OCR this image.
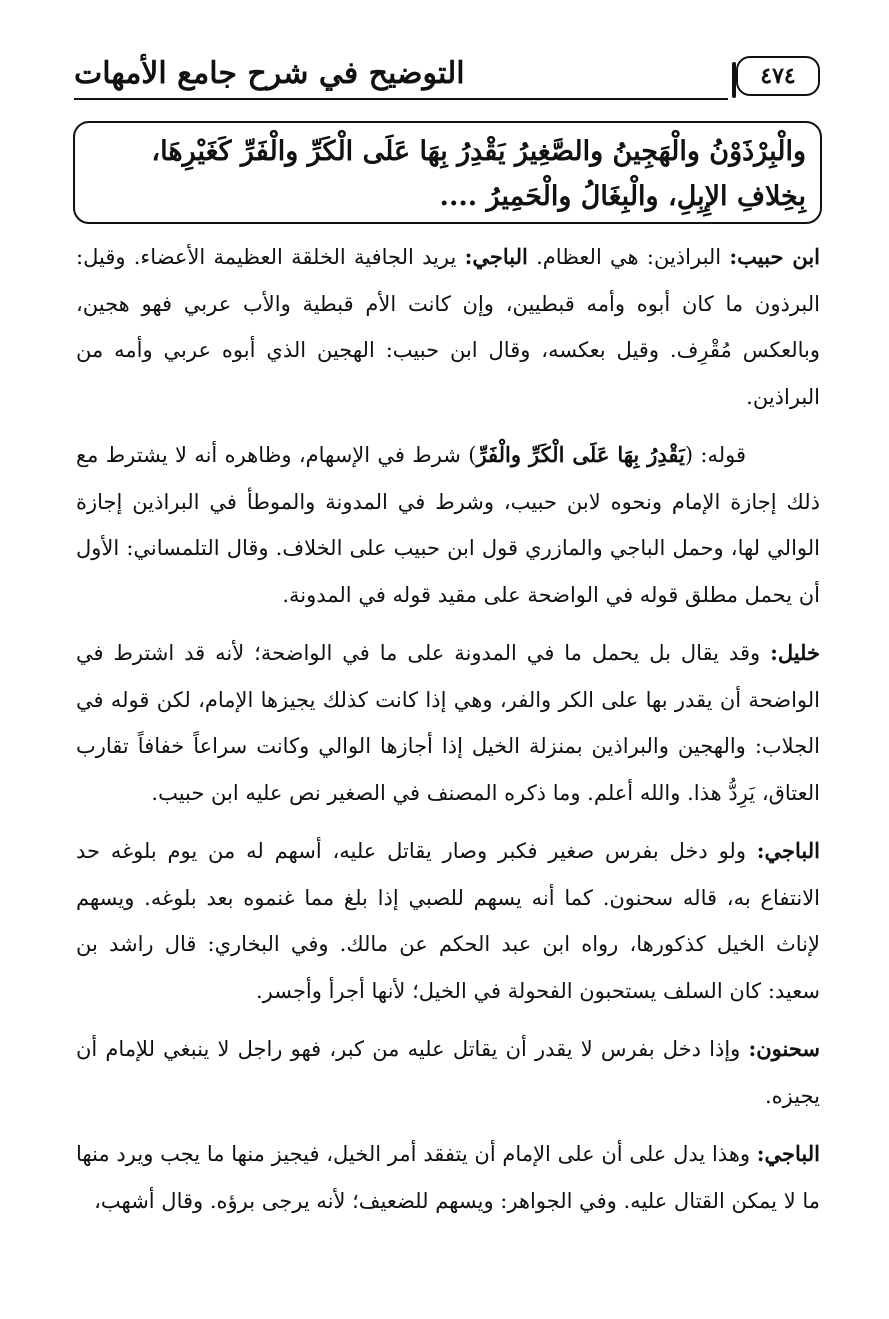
٤٧٤
التوضيح في شرح جامع الأمهات
والْبِرْذَوْنُ والْهَجِينُ والصَّغِيرُ يَقْدِرُ بِهَا عَلَى الْكَرِّ والْفَرِّ كَغَيْرِهَا،
بِخِلافِ الإِبِلِ، والْبِغَالُ والْحَمِيرُ ....

ابن حبيب: البراذين: هي العظام. الباجي: يريد الجافية الخلقة العظيمة الأعضاء. وقيل: البرذون ما كان أبوه وأمه قبطيين، وإن كانت الأم قبطية والأب عربي فهو هجين، وبالعكس مُقْرِف. وقيل بعكسه، وقال ابن حبيب: الهجين الذي أبوه عربي وأمه من البراذين.

قوله: (يَقْدِرُ بِهَا عَلَى الْكَرِّ والْفَرِّ) شرط في الإسهام، وظاهره أنه لا يشترط مع ذلك إجازة الإمام ونحوه لابن حبيب، وشرط في المدونة والموطأ في البراذين إجازة الوالي لها، وحمل الباجي والمازري قول ابن حبيب على الخلاف. وقال التلمساني: الأول أن يحمل مطلق قوله في الواضحة على مقيد قوله في المدونة.

خليل: وقد يقال بل يحمل ما في المدونة على ما في الواضحة؛ لأنه قد اشترط في الواضحة أن يقدر بها على الكر والفر، وهي إذا كانت كذلك يجيزها الإمام، لكن قوله في الجلاب: والهجين والبراذين بمنزلة الخيل إذا أجازها الوالي وكانت سراعاً خفافاً تقارب العتاق، يَرِدُّ هذا. والله أعلم. وما ذكره المصنف في الصغير نص عليه ابن حبيب.

الباجي: ولو دخل بفرس صغير فكبر وصار يقاتل عليه، أسهم له من يوم بلوغه حد الانتفاع به، قاله سحنون. كما أنه يسهم للصبي إذا بلغ مما غنموه بعد بلوغه. ويسهم لإناث الخيل كذكورها، رواه ابن عبد الحكم عن مالك. وفي البخاري: قال راشد بن سعيد: كان السلف يستحبون الفحولة في الخيل؛ لأنها أجرأ وأجسر.

سحنون: وإذا دخل بفرس لا يقدر أن يقاتل عليه من كبر، فهو راجل لا ينبغي للإمام أن يجيزه.

الباجي: وهذا يدل على أن على الإمام أن يتفقد أمر الخيل، فيجيز منها ما يجب ويرد منها ما لا يمكن القتال عليه. وفي الجواهر: ويسهم للضعيف؛ لأنه يرجى برؤه. وقال أشهب،
